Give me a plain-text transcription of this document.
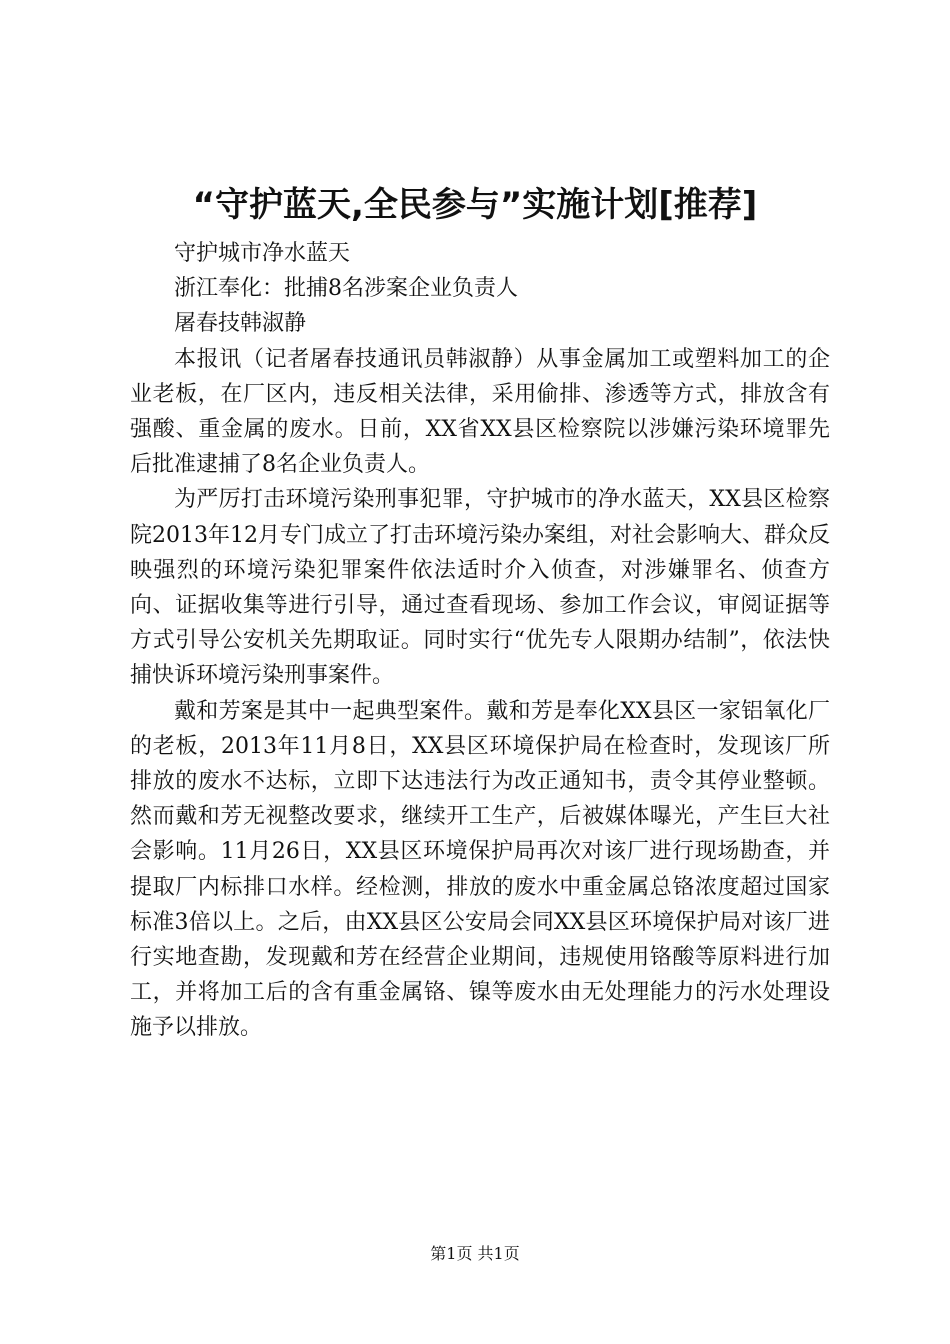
“守护蓝天,全民参与”实施计划[推荐]

守护城市净水蓝天

浙江奉化：批捕8名涉案企业负责人

屠春技韩淑静

本报讯（记者屠春技通讯员韩淑静）从事金属加工或塑料加工的企业老板，在厂区内，违反相关法律，采用偷排、渗透等方式，排放含有强酸、重金属的废水。日前，XX省XX县区检察院以涉嫌污染环境罪先后批准逮捕了8名企业负责人。

为严厉打击环境污染刑事犯罪，守护城市的净水蓝天，XX县区检察院2013年12月专门成立了打击环境污染办案组，对社会影响大、群众反映强烈的环境污染犯罪案件依法适时介入侦查，对涉嫌罪名、侦查方向、证据收集等进行引导，通过查看现场、参加工作会议，审阅证据等方式引导公安机关先期取证。同时实行“优先专人限期办结制”，依法快捕快诉环境污染刑事案件。

戴和芳案是其中一起典型案件。戴和芳是奉化XX县区一家铝氧化厂的老板，2013年11月8日，XX县区环境保护局在检查时，发现该厂所排放的废水不达标，立即下达违法行为改正通知书，责令其停业整顿。然而戴和芳无视整改要求，继续开工生产，后被媒体曝光，产生巨大社会影响。11月26日，XX县区环境保护局再次对该厂进行现场勘查，并提取厂内标排口水样。经检测，排放的废水中重金属总铬浓度超过国家标准3倍以上。之后，由XX县区公安局会同XX县区环境保护局对该厂进行实地查勘，发现戴和芳在经营企业期间，违规使用铬酸等原料进行加工，并将加工后的含有重金属铬、镍等废水由无处理能力的污水处理设施予以排放。

第1页 共1页
